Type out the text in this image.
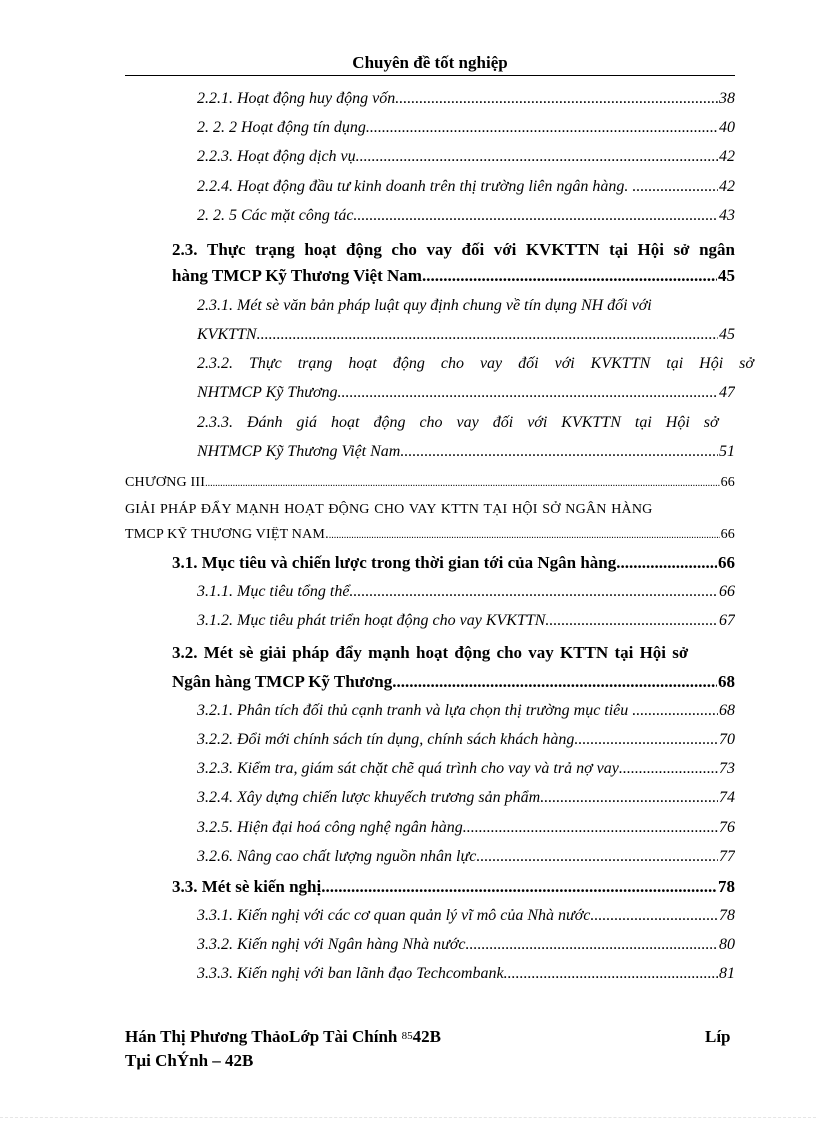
Chuyên đề tốt nghiệp
2.2.1. Hoạt động huy động vốn .....	38
2. 2. 2 Hoạt động tín dụng .....	40
2.2.3. Hoạt động dịch vụ .....	42
2.2.4. Hoạt động đầu tư kinh doanh trên thị trường liên ngân hàng. . .....	42
2. 2. 5 Các mặt công tác .....	43
2.3. Thực trạng hoạt động cho vay đối với KVKTTN tại Hội sở ngân
hàng TMCP Kỹ Thương Việt Nam .....	45
2.3.1. Mét sè văn bản pháp luật quy định chung về tín dụng NH đối với
KVKTTN .....	45
2.3.2. Thực trạng hoạt động cho vay đối với KVKTTN tại Hội sở
NHTMCP Kỹ Thương .....	47
2.3.3. Đánh giá hoạt động cho vay đối với KVKTTN tại Hội sở
NHTMCP Kỹ Thương Việt Nam .....	51
CHƯƠNG III .....	66
GIẢI PHÁP ĐẨY MẠNH HOẠT ĐỘNG CHO VAY KTTN TẠI HỘI SỞ NGÂN HÀNG
TMCP KỸ THƯƠNG VIỆT NAM. .....	66
3.1. Mục tiêu và chiến lược trong thời gian tới của Ngân hàng .....	66
3.1.1. Mục tiêu tổng thể .....	66
3.1.2. Mục tiêu phát triển hoạt động cho vay KVKTTN .....	67
3.2. Mét sè giải pháp đẩy mạnh hoạt động cho vay KTTN tại Hội sở
Ngân hàng TMCP Kỹ Thương .....	68
3.2.1. Phân tích đối thủ cạnh tranh và lựa chọn thị trường mục tiêu .. .....	68
3.2.2. Đổi mới chính sách tín dụng, chính sách khách hàng .....	70
3.2.3. Kiểm tra, giám sát chặt chẽ quá trình cho vay và trả nợ vay .....	73
3.2.4. Xây dựng chiến lược khuyếch trương sản phẩm .....	74
3.2.5. Hiện đại hoá công nghệ ngân hàng .....	76
3.2.6. Nâng cao chất lượng nguồn nhân lực .....	77
3.3. Mét sè kiến nghị .....	78
3.3.1. Kiến nghị với các cơ quan quản lý vĩ mô của Nhà nước .....	78
3.3.2. Kiến nghị với Ngân hàng Nhà nước .....	80
3.3.3. Kiến nghị với ban lãnh đạo Techcombank .....	81
Hán Thị Phương ThảoLớp Tài Chính 8542B	Líp
Tµi ChÝnh – 42B
